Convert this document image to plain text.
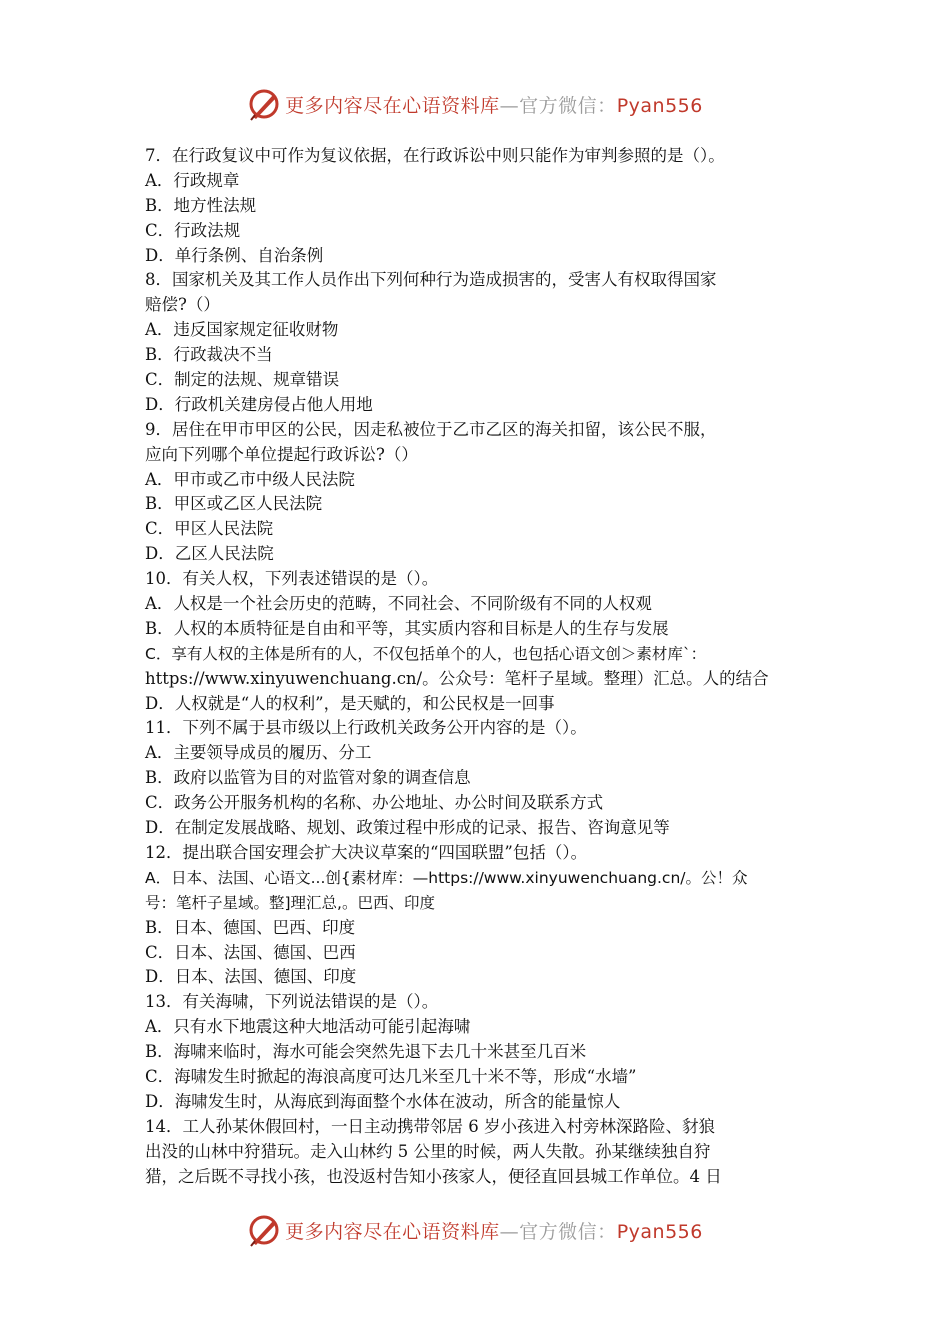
更多内容尽在心语资料库—官方微信：Pyan556
7．在行政复议中可作为复议依据，在行政诉讼中则只能作为审判参照的是（）。
A．行政规章
B．地方性法规
C．行政法规
D．单行条例、自治条例
8．国家机关及其工作人员作出下列何种行为造成损害的，受害人有权取得国家
赔偿?（）
A．违反国家规定征收财物
B．行政裁决不当
C．制定的法规、规章错误
D．行政机关建房侵占他人用地
9．居住在甲市甲区的公民，因走私被位于乙市乙区的海关扣留，该公民不服，
应向下列哪个单位提起行政诉讼?（）
A．甲市或乙市中级人民法院
B．甲区或乙区人民法院
C．甲区人民法院
D．乙区人民法院
10．有关人权，下列表述错误的是（）。
A．人权是一个社会历史的范畴，不同社会、不同阶级有不同的人权观
B．人权的本质特征是自由和平等，其实质内容和目标是人的生存与发展
C．享有人权的主体是所有的人，不仅包括单个的人，也包括心语文创＞素材库`：
https://www.xinyuwenchuang.cn/。公众号：笔杆子星域。整理）汇总。人的结合
D．人权就是“人的权利”，是天赋的，和公民权是一回事
11．下列不属于县市级以上行政机关政务公开内容的是（）。
A．主要领导成员的履历、分工
B．政府以监管为目的对监管对象的调查信息
C．政务公开服务机构的名称、办公地址、办公时间及联系方式
D．在制定发展战略、规划、政策过程中形成的记录、报告、咨询意见等
12．提出联合国安理会扩大决议草案的“四国联盟”包括（）。
A．日本、法国、心语文...创{素材库：—https://www.xinyuwenchuang.cn/。公！众
号：笔杆子星域。整]理汇总,。巴西、印度
B．日本、德国、巴西、印度
C．日本、法国、德国、巴西
D．日本、法国、德国、印度
13．有关海啸，下列说法错误的是（）。
A．只有水下地震这种大地活动可能引起海啸
B．海啸来临时，海水可能会突然先退下去几十米甚至几百米
C．海啸发生时掀起的海浪高度可达几米至几十米不等，形成“水墙”
D．海啸发生时，从海底到海面整个水体在波动，所含的能量惊人
14．工人孙某休假回村，一日主动携带邻居 6 岁小孩进入村旁林深路险、豺狼
出没的山林中狩猎玩。走入山林约 5 公里的时候，两人失散。孙某继续独自狩
猎，之后既不寻找小孩，也没返村告知小孩家人，便径直回县城工作单位。4 日
更多内容尽在心语资料库—官方微信：Pyan556
